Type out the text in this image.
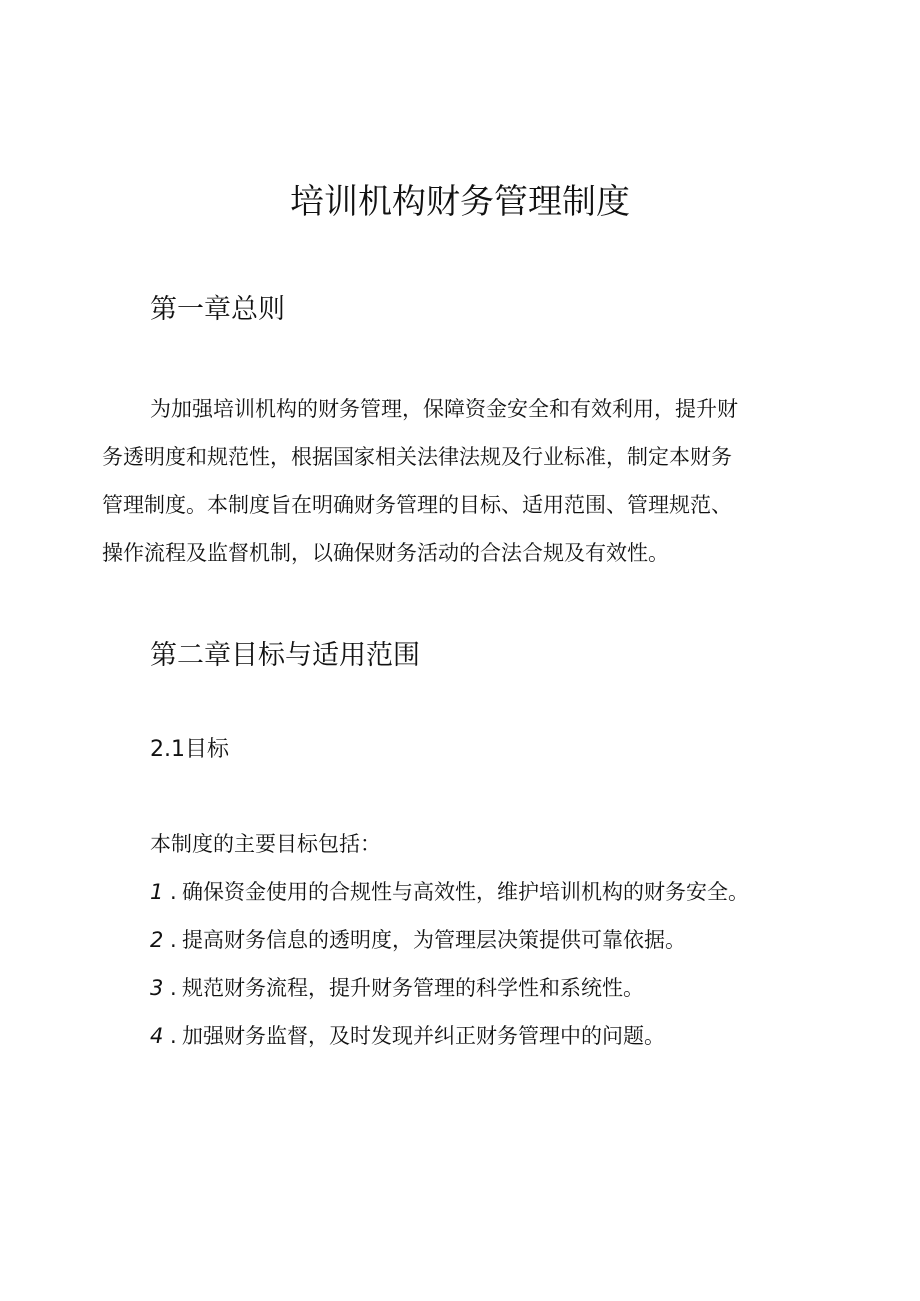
培训机构财务管理制度
第一章总则

为加强培训机构的财务管理，保障资金安全和有效利用，提升财
务透明度和规范性，根据国家相关法律法规及行业标准，制定本财务
管理制度。本制度旨在明确财务管理的目标、适用范围、管理规范、
操作流程及监督机制，以确保财务活动的合法合规及有效性。

第二章目标与适用范围
2.1目标

本制度的主要目标包括：

1 . 确保资金使用的合规性与高效性，维护培训机构的财务安全。
2 . 提高财务信息的透明度，为管理层决策提供可靠依据。
3 . 规范财务流程，提升财务管理的科学性和系统性。
4 . 加强财务监督，及时发现并纠正财务管理中的问题。
